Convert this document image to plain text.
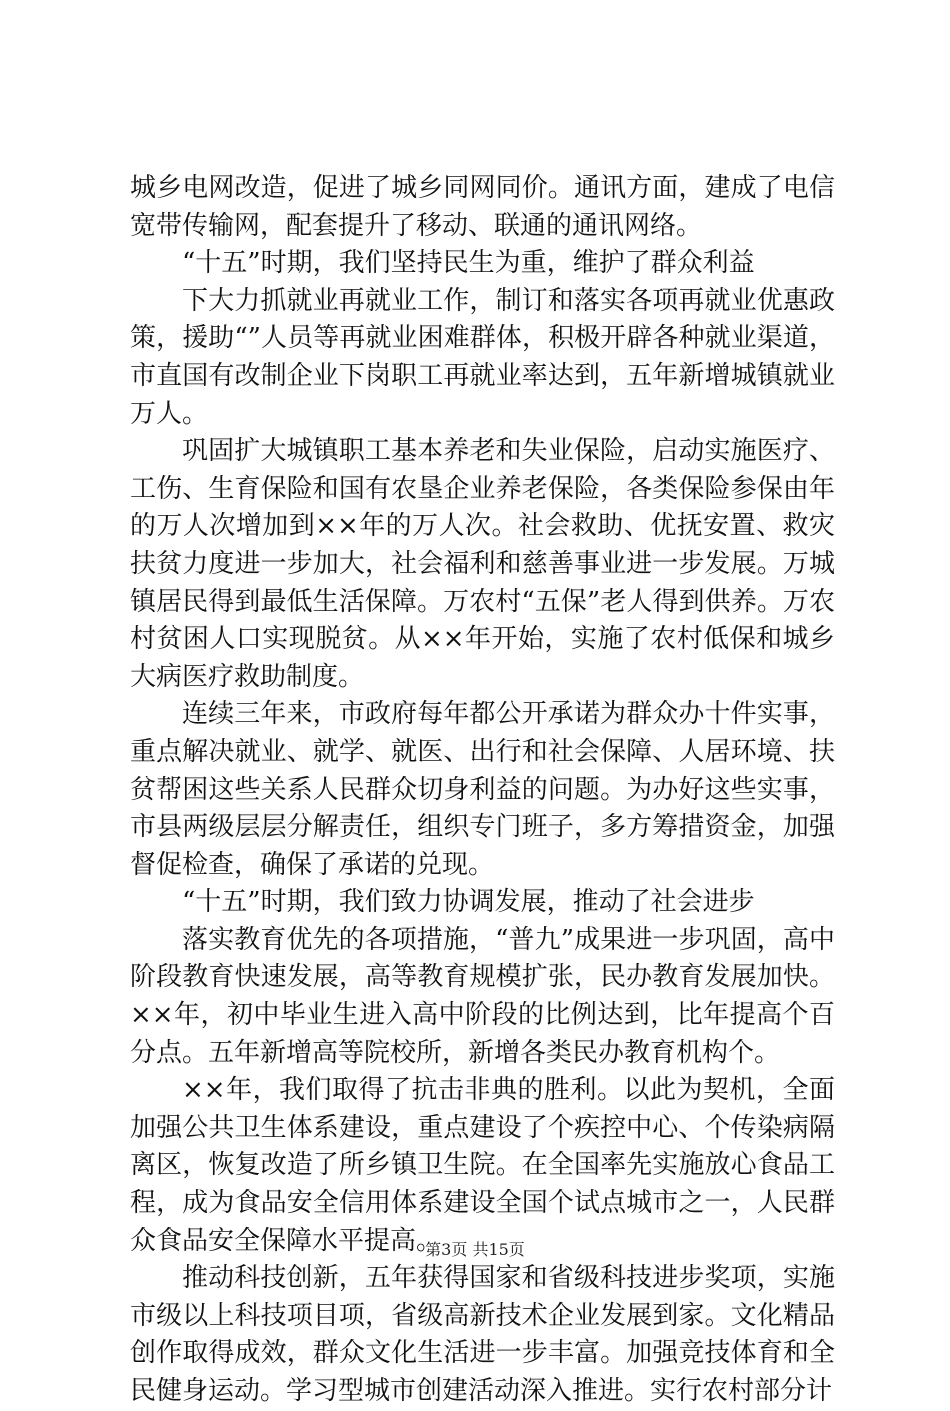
城乡电网改造，促进了城乡同网同价。通讯方面，建成了电信宽带传输网，配套提升了移动、联通的通讯网络。

“十五”时期，我们坚持民生为重，维护了群众利益

下大力抓就业再就业工作，制订和落实各项再就业优惠政策，援助“”人员等再就业困难群体，积极开辟各种就业渠道，市直国有改制企业下岗职工再就业率达到，五年新增城镇就业万人。

巩固扩大城镇职工基本养老和失业保险，启动实施医疗、工伤、生育保险和国有农垦企业养老保险，各类保险参保由年的万人次增加到××年的万人次。社会救助、优抚安置、救灾扶贫力度进一步加大，社会福利和慈善事业进一步发展。万城镇居民得到最低生活保障。万农村“五保”老人得到供养。万农村贫困人口实现脱贫。从××年开始，实施了农村低保和城乡大病医疗救助制度。

连续三年来，市政府每年都公开承诺为群众办十件实事，重点解决就业、就学、就医、出行和社会保障、人居环境、扶贫帮困这些关系人民群众切身利益的问题。为办好这些实事，市县两级层层分解责任，组织专门班子，多方筹措资金，加强督促检查，确保了承诺的兑现。

“十五”时期，我们致力协调发展，推动了社会进步

落实教育优先的各项措施，“普九”成果进一步巩固，高中阶段教育快速发展，高等教育规模扩张，民办教育发展加快。××年，初中毕业生进入高中阶段的比例达到，比年提高个百分点。五年新增高等院校所，新增各类民办教育机构个。

××年，我们取得了抗击非典的胜利。以此为契机，全面加强公共卫生体系建设，重点建设了个疾控中心、个传染病隔离区，恢复改造了所乡镇卫生院。在全国率先实施放心食品工程，成为食品安全信用体系建设全国个试点城市之一，人民群众食品安全保障水平提高。

推动科技创新，五年获得国家和省级科技进步奖项，实施市级以上科技项目项，省级高新技术企业发展到家。文化精品创作取得成效，群众文化生活进一步丰富。加强竞技体育和全民健身运动。学习型城市创建活动深入推进。实行农村部分计

第3页 共15页
